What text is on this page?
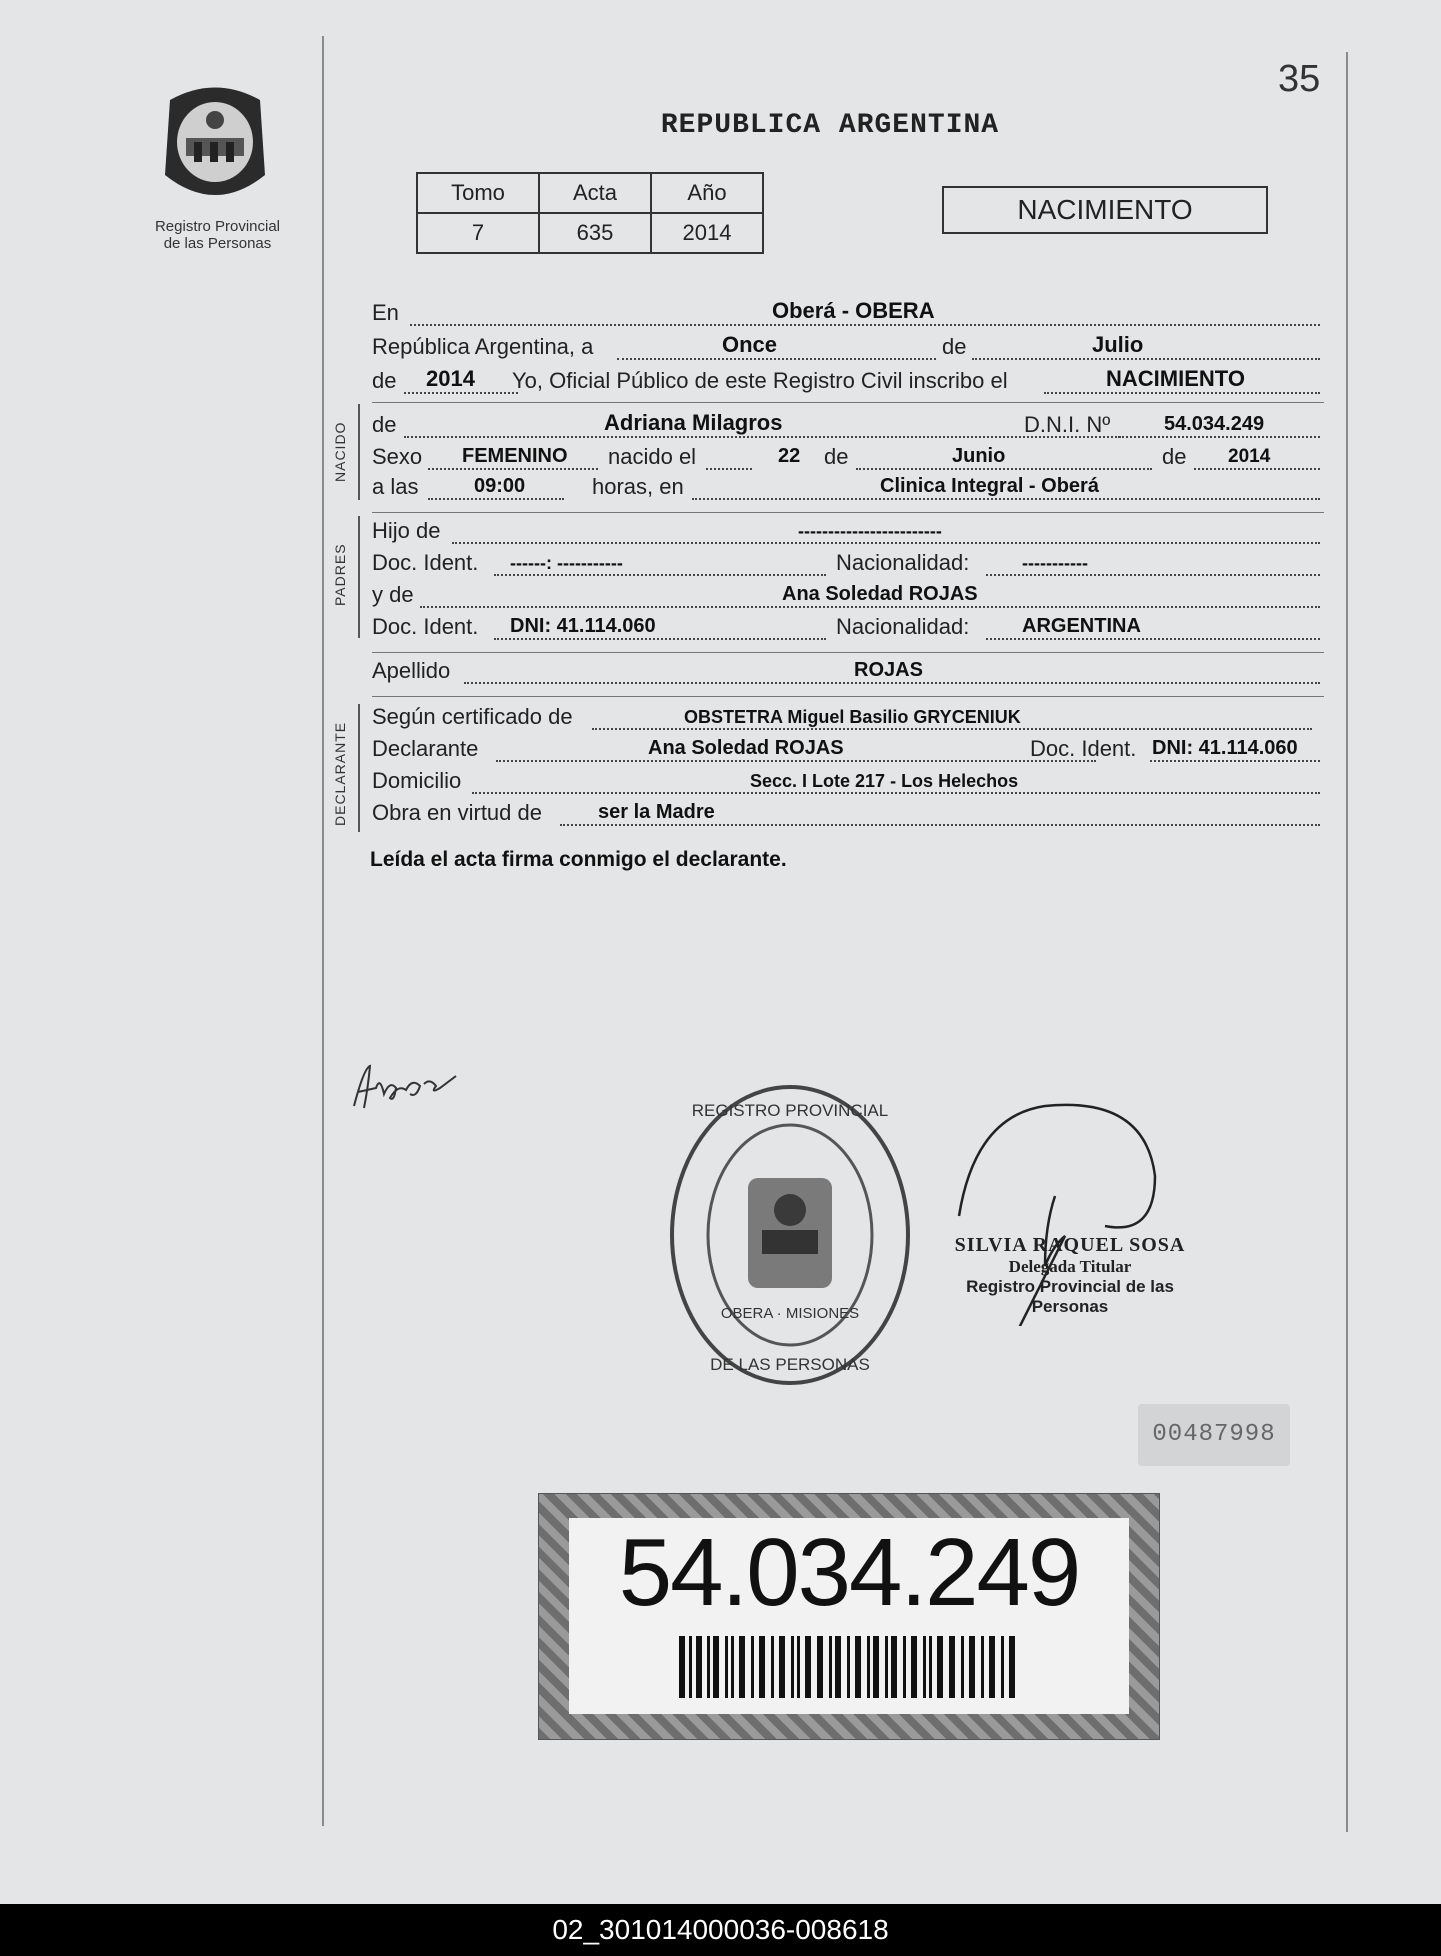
35
Registro Provincial
de las Personas
REPUBLICA ARGENTINA
Tomo	Acta	Año
7	635	2014
NACIMIENTO
En	Oberá - OBERA
República Argentina, a	Once	de	Julio
de 2014 Yo, Oficial Público de este Registro Civil inscribo el	NACIMIENTO
NACIDO de	Adriana Milagros	D.N.I. Nº	54.034.249
Sexo FEMENINO nacido el	22 de	Junio	de 2014
a las	09:00	horas, en	Clinica Integral - Oberá
PADRES
Hijo de	------------------------
Doc. Ident. ------: -----------	Nacionalidad:	-----------
y de	Ana Soledad ROJAS
Doc. Ident. DNI: 41.114.060	Nacionalidad:	ARGENTINA
Apellido	ROJAS
DECLARANTE
Según certificado de	OBSTETRA Miguel Basilio GRYCENIUK
Declarante	Ana Soledad ROJAS	Doc. Ident. DNI: 41.114.060
Domicilio	Secc. I Lote 217 - Los Helechos
Obra en virtud de	ser la Madre
Leída el acta firma conmigo el declarante.
REGISTRO PROVINCIAL
DE LAS PERSONAS
OBERA · MISIONES
SILVIA RAQUEL SOSA
Delegada Titular
Registro Provincial de las Personas
00487998
54.034.249
02_301014000036-008618
